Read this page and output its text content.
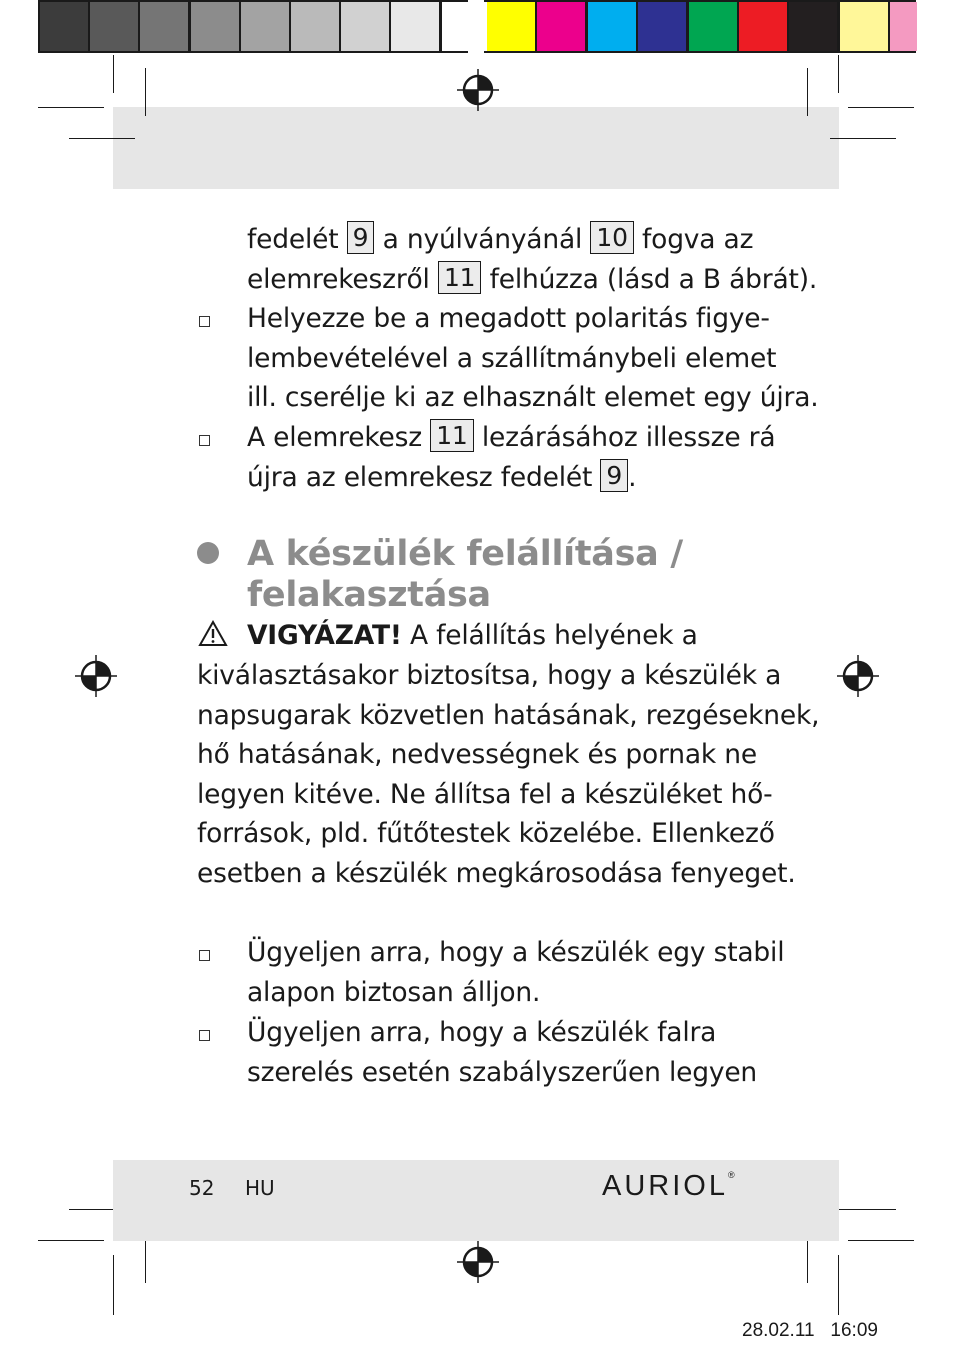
fedelét 9 a nyúlványánál 10 fogva az
elemrekeszről 11 felhúzza (lásd a B ábrát).
Helyezze be a megadott polaritás figye-
lembevételével a szállítmánybeli elemet
ill. cserélje ki az elhasznált elemet egy újra.
A elemrekesz 11 lezárásához illessze rá
újra az elemrekesz fedelét 9 .
A készülék felállítása /
felakasztása
VIGYÁZAT! A felállítás helyének a
kiválasztásakor biztosítsa, hogy a készülék a
napsugarak közvetlen hatásának, rezgéseknek,
hő hatásának, nedvességnek és pornak ne
legyen kitéve. Ne állítsa fel a készüléket hő-
források, pld. fűtőtestek közelébe. Ellenkező
esetben a készülék megkárosodása fenyeget.
Ügyeljen arra, hogy a készülék egy stabil
alapon biztosan álljon.
Ügyeljen arra, hogy a készülék falra
szerelés esetén szabályszerűen legyen
52 HU	AURIOL®
28.02.11 16:09
